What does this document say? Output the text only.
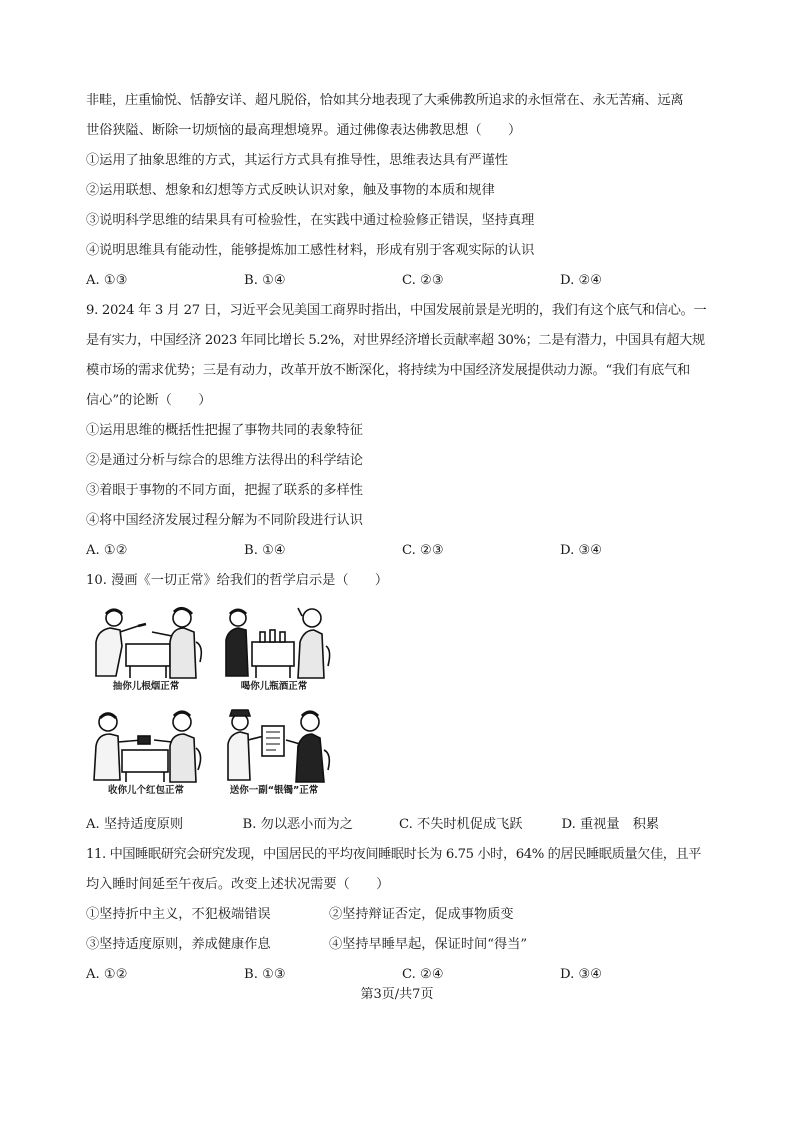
非畦，庄重愉悦、恬静安详、超凡脱俗，恰如其分地表现了大乘佛教所追求的永恒常在、永无苦痛、远离
世俗狭隘、断除一切烦恼的最高理想境界。通过佛像表达佛教思想（　　）
①运用了抽象思维的方式，其运行方式具有推导性，思维表达具有严谨性
②运用联想、想象和幻想等方式反映认识对象，触及事物的本质和规律
③说明科学思维的结果具有可检验性，在实践中通过检验修正错误，坚持真理
④说明思维具有能动性，能够提炼加工感性材料，形成有别于客观实际的认识
A. ①③	B. ①④	C. ②③	D. ②④
9. 2024 年 3 月 27 日，习近平会见美国工商界时指出，中国发展前景是光明的，我们有这个底气和信心。一
是有实力，中国经济 2023 年同比增长 5.2%，对世界经济增长贡献率超 30%；二是有潜力，中国具有超大规
模市场的需求优势；三是有动力，改革开放不断深化，将持续为中国经济发展提供动力源。“我们有底气和
信心”的论断（　　）
①运用思维的概括性把握了事物共同的表象特征
②是通过分析与综合的思维方法得出的科学结论
③着眼于事物的不同方面，把握了联系的多样性
④将中国经济发展过程分解为不同阶段进行认识
A. ①②	B. ①④	C. ②③	D. ③④
10. 漫画《一切正常》给我们的哲学启示是（　　）
抽你儿根烟正常	喝你儿瓶酒正常
收你儿个红包正常	送你一副“银镯”正常
A. 坚持适度原则	B. 勿以恶小而为之	C. 不失时机促成飞跃	D. 重视量　积累
11. 中国睡眠研究会研究发现，中国居民的平均夜间睡眠时长为 6.75 小时，64% 的居民睡眠质量欠佳，且平
均入睡时间延至午夜后。改变上述状况需要（　　）
①坚持折中主义，不犯极端错误	②坚持辩证否定，促成事物质变
③坚持适度原则，养成健康作息	④坚持早睡早起，保证时间“得当”
A. ①②	B. ①③	C. ②④	D. ③④
第3页/共7页
